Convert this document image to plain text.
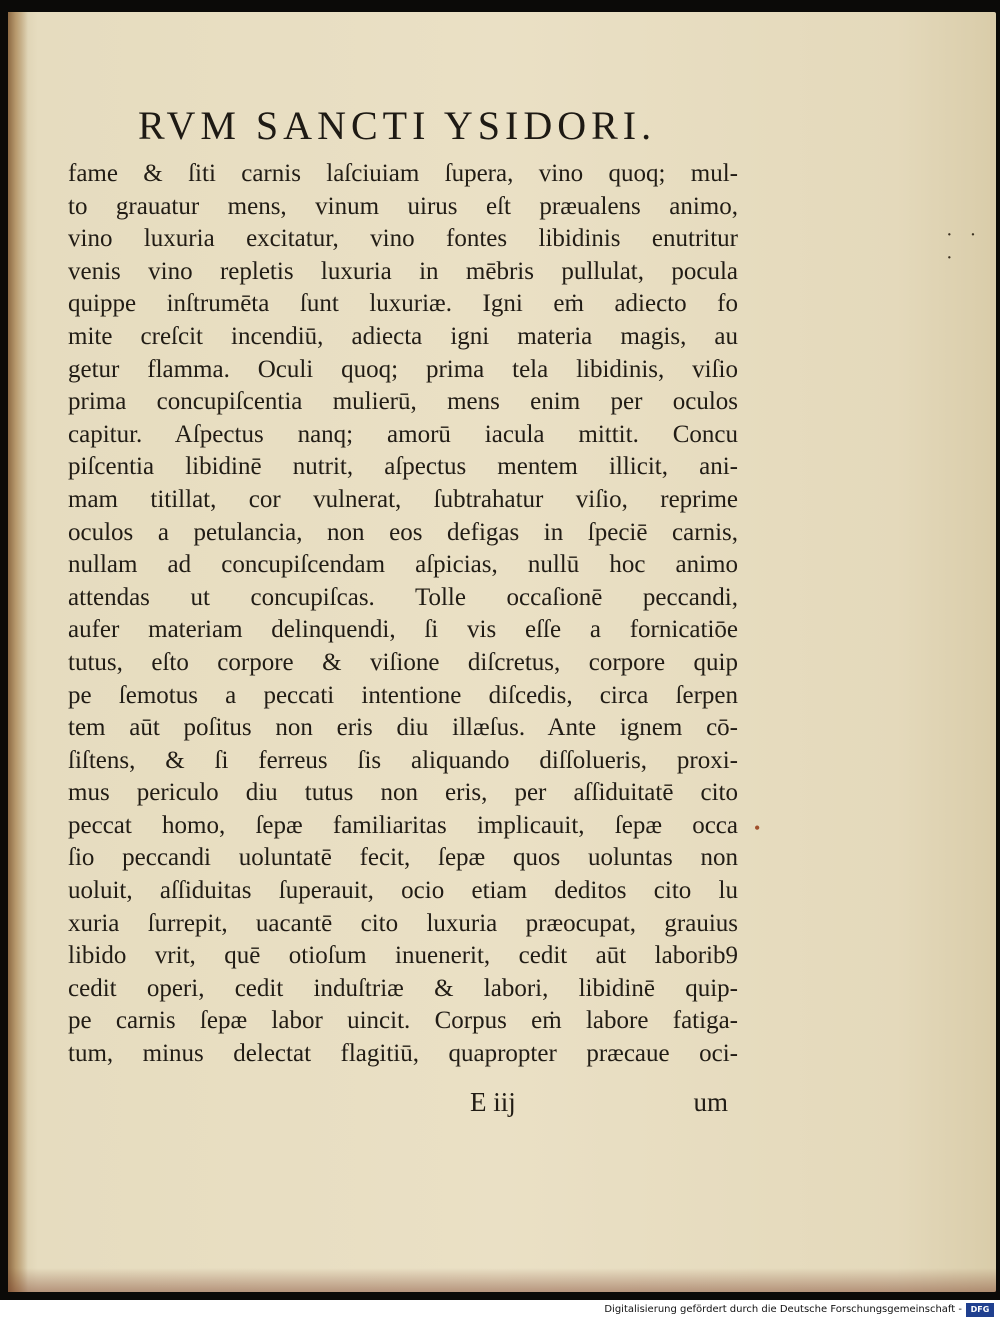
RVM SANCTI YSIDORI.
fame & ſiti carnis laſciuiam ſupera, vino quoq; mul-
to grauatur mens, vinum uirus eſt præualens animo,
vino luxuria excitatur, vino fontes libidinis enutritur
venis vino repletis luxuria in mēbris pullulat, pocula
quippe inſtrumēta ſunt luxuriæ. Igni eṁ adiecto fo
mite creſcit incendiū, adiecta igni materia magis, au
getur flamma. Oculi quoq; prima tela libidinis, viſio
prima concupiſcentia mulierū, mens enim per oculos
capitur. Aſpectus nanq; amorū iacula mittit. Concu
piſcentia libidinē nutrit, aſpectus mentem illicit, ani-
mam titillat, cor vulnerat, ſubtrahatur viſio, reprime
oculos a petulancia, non eos defigas in ſpeciē carnis,
nullam ad concupiſcendam aſpicias, nullū hoc animo
attendas ut concupiſcas. Tolle occaſionē peccandi,
aufer materiam delinquendi, ſi vis eſſe a fornicatiōe
tutus, eſto corpore & viſione diſcretus, corpore quip
pe ſemotus a peccati intentione diſcedis, circa ſerpen
tem aūt poſitus non eris diu illæſus. Ante ignem cō-
ſiſtens, & ſi ferreus ſis aliquando diſſolueris, proxi-
mus periculo diu tutus non eris, per aſſiduitatē cito
peccat homo, ſepæ familiaritas implicauit, ſepæ occa
ſio peccandi uoluntatē fecit, ſepæ quos uoluntas non
uoluit, aſſiduitas ſuperauit, ocio etiam deditos cito lu
xuria ſurrepit, uacantē cito luxuria præocupat, grauius
libido vrit, quē otioſum inuenerit, cedit aūt laborib9
cedit operi, cedit induſtriæ & labori, libidinē quip-
pe carnis ſepæ labor uincit. Corpus eṁ labore fatiga-
tum, minus delectat flagitiū, quapropter præcaue oci-
E iij	um
· · ·
•
Digitalisierung gefördert durch die Deutsche Forschungsgemeinschaft -	DFG
